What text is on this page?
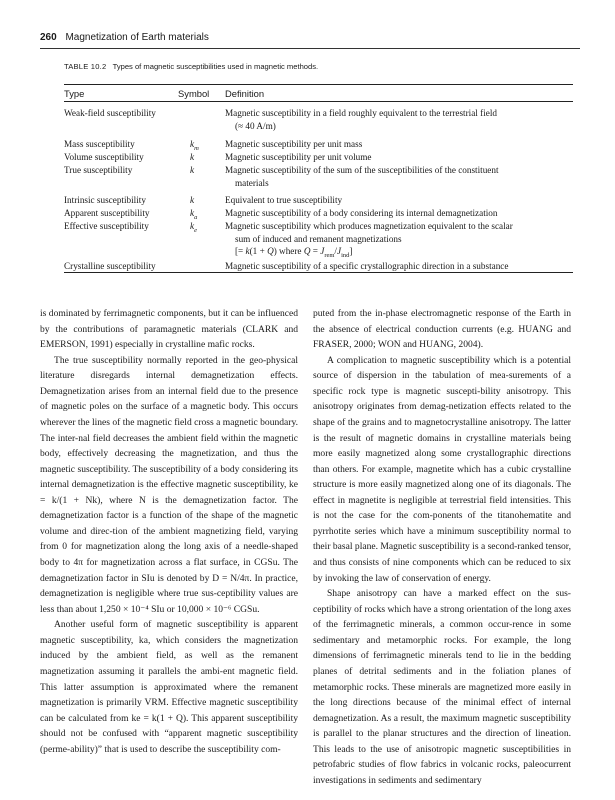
260 Magnetization of Earth materials
TABLE 10.2 Types of magnetic susceptibilities used in magnetic methods.
Type	Symbol Definition
Weak-field susceptibility	Magnetic susceptibility in a field roughly equivalent to the terrestrial field
(≈ 40 A/m)
Mass susceptibility	$k_m$	Magnetic susceptibility per unit mass
Volume susceptibility	k	Magnetic susceptibility per unit volume
True susceptibility	k	Magnetic susceptibility of the sum of the susceptibilities of the constituent
materials
Intrinsic susceptibility	k	Equivalent to true susceptibility
Apparent susceptibility	$k_a$	Magnetic susceptibility of a body considering its internal demagnetization
Effective susceptibility	$k_e$	Magnetic susceptibility which produces magnetization equivalent to the scalar
sum of induced and remanent magnetizations
[= k(1 + Q) where $Q = J_{rem}/J_{ind}$]
Crystalline susceptibility	Magnetic susceptibility of a specific crystallographic direction in a substance

is dominated by ferrimagnetic components, but it can be influenced by the contributions of paramagnetic materials (CLARK and EMERSON, 1991) especially in crystalline mafic rocks.

The true susceptibility normally reported in the geo-physical literature disregards internal demagnetization effects. Demagnetization arises from an internal field due to the presence of magnetic poles on the surface of a magnetic body. This occurs wherever the lines of the magnetic field cross a magnetic boundary. The inter-nal field decreases the ambient field within the magnetic body, effectively decreasing the magnetization, and thus the magnetic susceptibility. The susceptibility of a body considering its internal demagnetization is the effective magnetic susceptibility, ke = k/(1 + Nk), where N is the demagnetization factor. The demagnetization factor is a function of the shape of the magnetic volume and direc-tion of the ambient magnetizing field, varying from 0 for magnetization along the long axis of a needle-shaped body to 4π for magnetization across a flat surface, in CGSu. The demagnetization factor in SIu is denoted by D = N/4π. In practice, demagnetization is negligible where true sus-ceptibility values are less than about 1,250 × 10⁻⁴ SIu or 10,000 × 10⁻⁶ CGSu.

Another useful form of magnetic susceptibility is apparent magnetic susceptibility, ka, which considers the magnetization induced by the ambient field, as well as the remanent magnetization assuming it parallels the ambi-ent magnetic field. This latter assumption is approximated where the remanent magnetization is primarily VRM. Effective magnetic susceptibility can be calculated from ke = k(1 + Q). This apparent susceptibility should not be confused with “apparent magnetic susceptibility (perme-ability)” that is used to describe the susceptibility com-

puted from the in-phase electromagnetic response of the Earth in the absence of electrical conduction currents (e.g. HUANG and FRASER, 2000; WON and HUANG, 2004).

A complication to magnetic susceptibility which is a potential source of dispersion in the tabulation of mea-surements of a specific rock type is magnetic suscepti-bility anisotropy. This anisotropy originates from demag-netization effects related to the shape of the grains and to magnetocrystalline anisotropy. The latter is the result of magnetic domains in crystalline materials being more easily magnetized along some crystallographic directions than others. For example, magnetite which has a cubic crystalline structure is more easily magnetized along one of its diagonals. The effect in magnetite is negligible at terrestrial field intensities. This is not the case for the com-ponents of the titanohematite and pyrrhotite series which have a minimum susceptibility normal to their basal plane. Magnetic susceptibility is a second-ranked tensor, and thus consists of nine components which can be reduced to six by invoking the law of conservation of energy.

Shape anisotropy can have a marked effect on the sus-ceptibility of rocks which have a strong orientation of the long axes of the ferrimagnetic minerals, a common occur-rence in some sedimentary and metamorphic rocks. For example, the long dimensions of ferrimagnetic minerals tend to lie in the bedding planes of detrital sediments and in the foliation planes of metamorphic rocks. These minerals are magnetized more easily in the long directions because of the minimal effect of internal demagnetization. As a result, the maximum magnetic susceptibility is parallel to the planar structures and the direction of lineation. This leads to the use of anisotropic magnetic susceptibilities in petrofabric studies of flow fabrics in volcanic rocks, paleocurrent investigations in sediments and sedimentary
